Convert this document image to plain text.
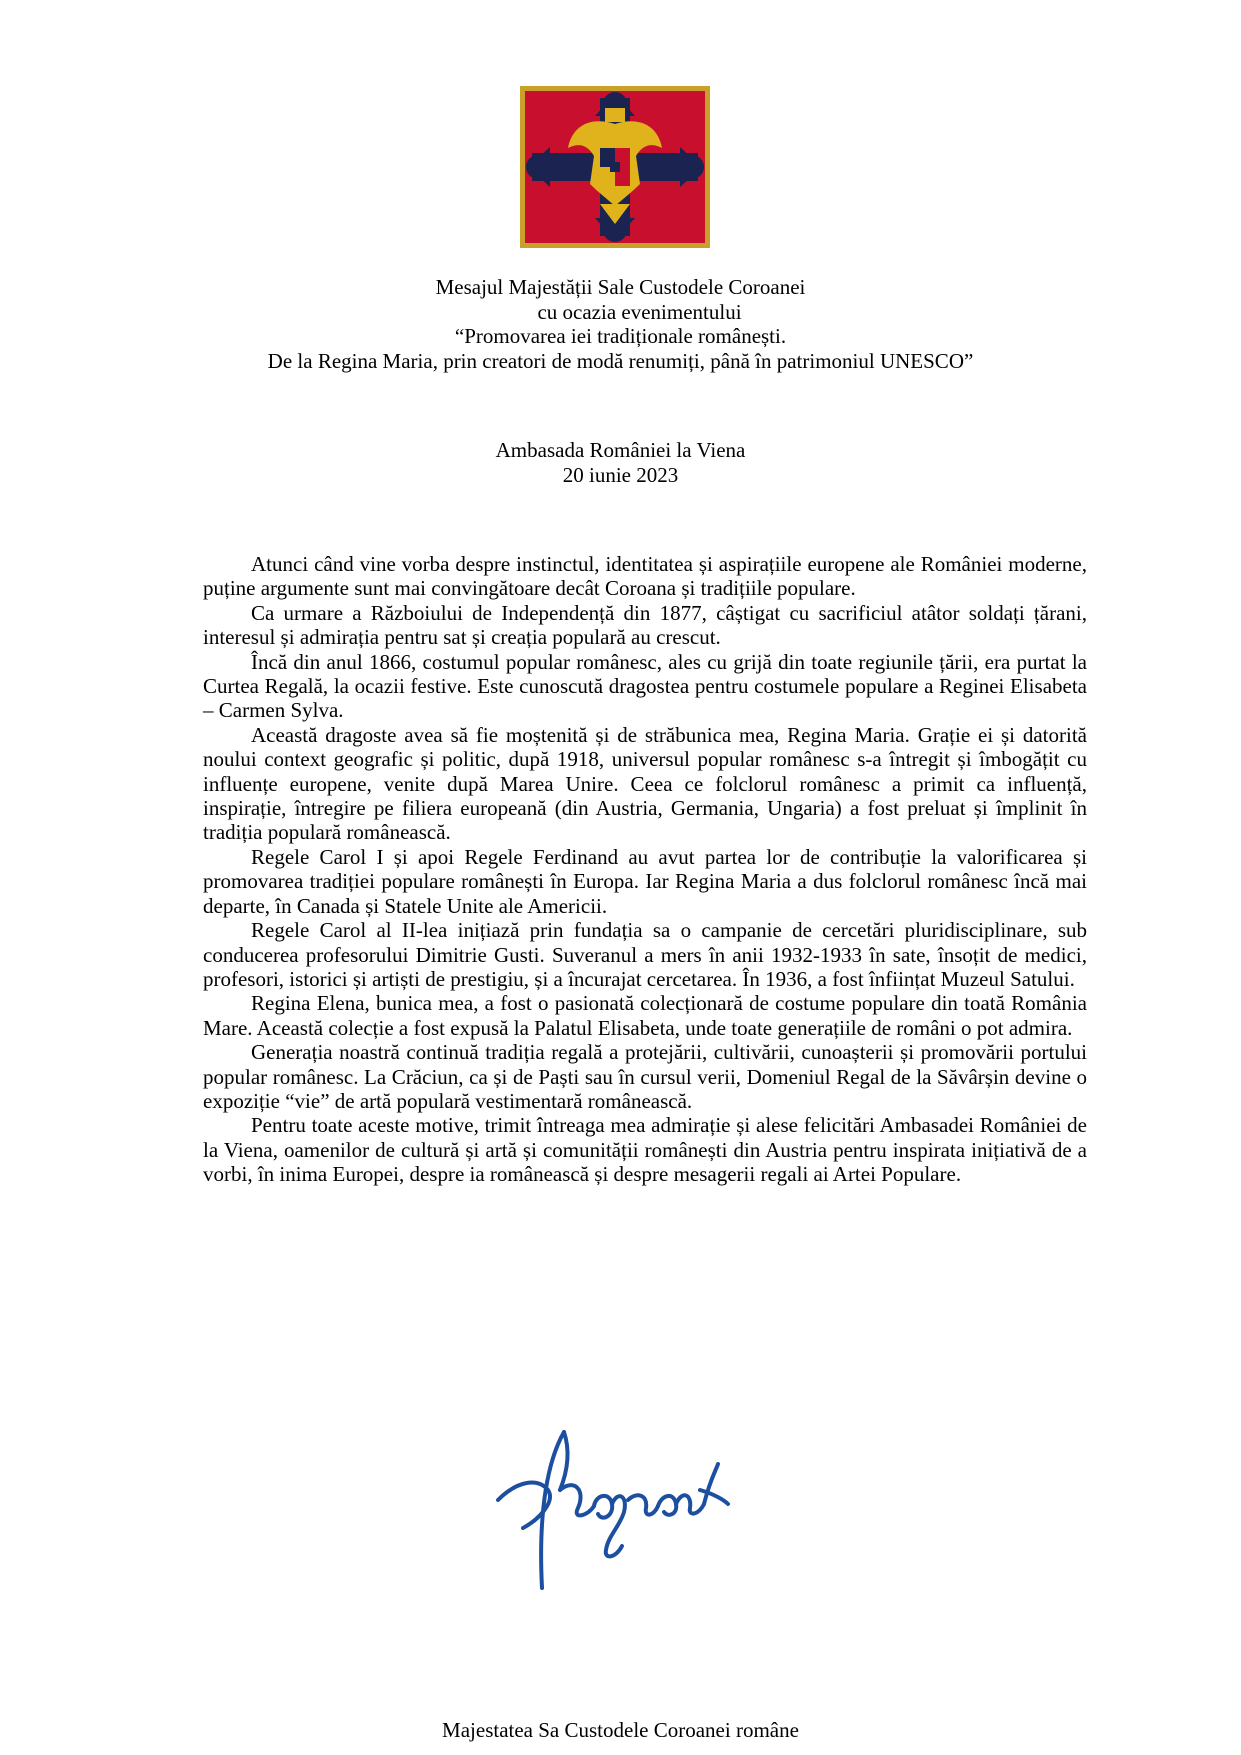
Mesajul Majestății Sale Custodele Coroanei
cu ocazia evenimentului
“Promovarea iei tradiționale românești.
De la Regina Maria, prin creatori de modă renumiți, până în patrimoniul UNESCO”
Ambasada României la Viena
20 iunie 2023

Atunci când vine vorba despre instinctul, identitatea și aspirațiile europene ale României moderne, puține argumente sunt mai convingătoare decât Coroana și tradițiile populare.

Ca urmare a Războiului de Independență din 1877, câștigat cu sacrificiul atâtor soldați țărani, interesul și admirația pentru sat și creația populară au crescut.

Încă din anul 1866, costumul popular românesc, ales cu grijă din toate regiunile țării, era purtat la Curtea Regală, la ocazii festive. Este cunoscută dragostea pentru costumele populare a Reginei Elisabeta – Carmen Sylva.

Această dragoste avea să fie moștenită și de străbunica mea, Regina Maria. Grație ei și datorită noului context geografic și politic, după 1918, universul popular românesc s-a întregit și îmbogățit cu influențe europene, venite după Marea Unire. Ceea ce folclorul românesc a primit ca influență, inspirație, întregire pe filiera europeană (din Austria, Germania, Ungaria) a fost preluat și împlinit în tradiția populară românească.

Regele Carol I și apoi Regele Ferdinand au avut partea lor de contribuție la valorificarea și promovarea tradiției populare românești în Europa. Iar Regina Maria a dus folclorul românesc încă mai departe, în Canada și Statele Unite ale Americii.

Regele Carol al II-lea inițiază prin fundația sa o campanie de cercetări pluridisciplinare, sub conducerea profesorului Dimitrie Gusti. Suveranul a mers în anii 1932-1933 în sate, însoțit de medici, profesori, istorici și artiști de prestigiu, și a încurajat cercetarea. În 1936, a fost înființat Muzeul Satului.

Regina Elena, bunica mea, a fost o pasionată colecționară de costume populare din toată România Mare. Această colecție a fost expusă la Palatul Elisabeta, unde toate generațiile de români o pot admira.

Generația noastră continuă tradiția regală a protejării, cultivării, cunoașterii și promovării portului popular românesc. La Crăciun, ca și de Paști sau în cursul verii, Domeniul Regal de la Săvârșin devine o expoziție “vie” de artă populară vestimentară românească.

Pentru toate aceste motive, trimit întreaga mea admirație și alese felicitări Ambasadei României de la Viena, oamenilor de cultură și artă și comunității românești din Austria pentru inspirata inițiativă de a vorbi, în inima Europei, despre ia românească și despre mesagerii regali ai Artei Populare.

Majestatea Sa Custodele Coroanei române
